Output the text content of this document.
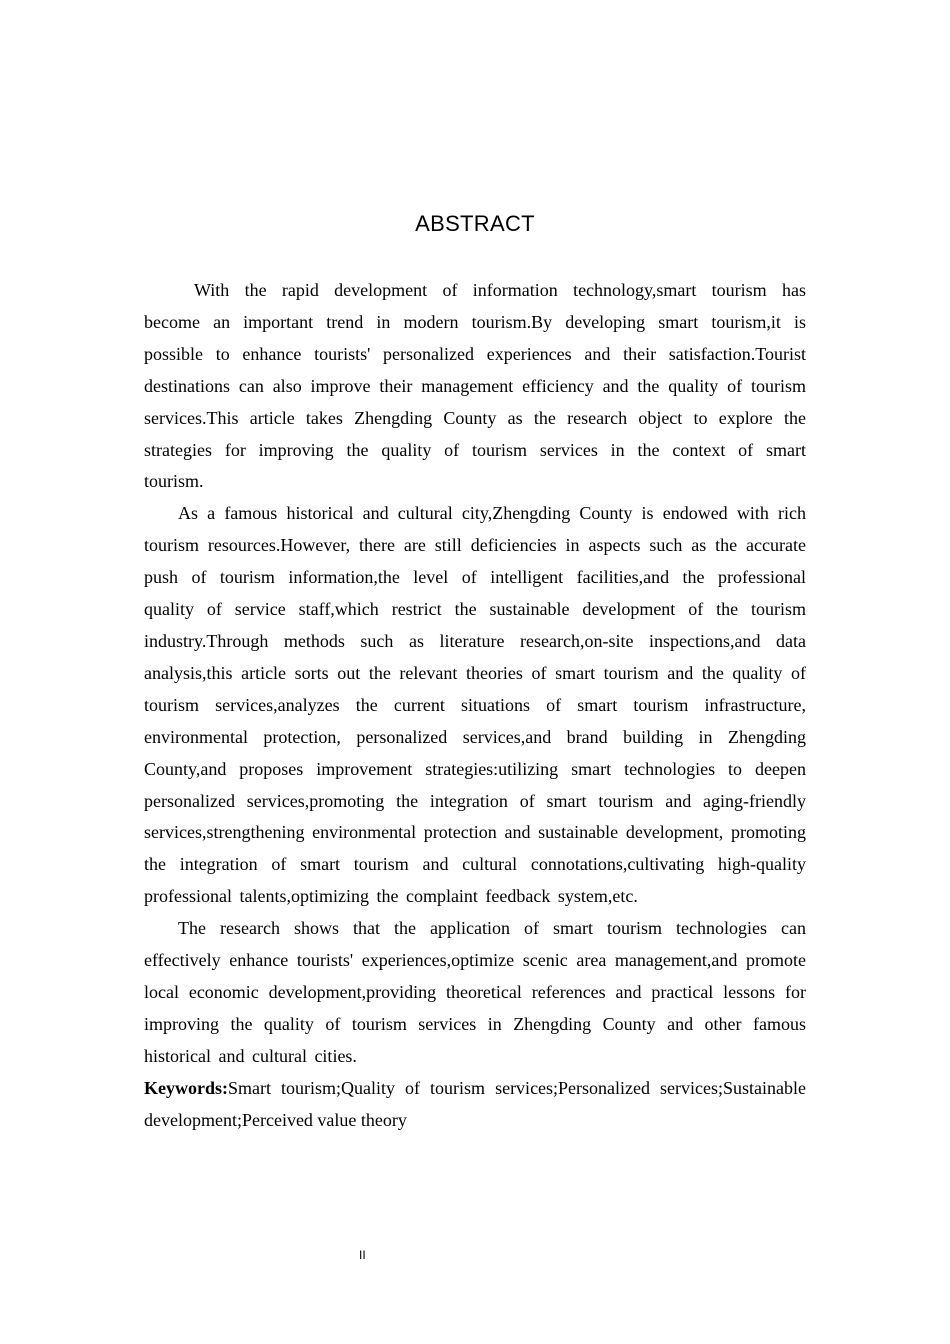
ABSTRACT

With the rapid development of information technology,smart tourism has become an important trend in modern tourism.By developing smart tourism,it is possible to enhance tourists' personalized experiences and their satisfaction.Tourist destinations can also improve their management efficiency and the quality of tourism services.This article takes Zhengding County as the research object to explore the strategies for improving the quality of tourism services in the context of smart tourism.

As a famous historical and cultural city,Zhengding County is endowed with rich tourism resources.However, there are still deficiencies in aspects such as the accurate push of tourism information,the level of intelligent facilities,and the professional quality of service staff,which restrict the sustainable development of the tourism industry.Through methods such as literature research,on-site inspections,and data analysis,this article sorts out the relevant theories of smart tourism and the quality of tourism services,analyzes the current situations of smart tourism infrastructure, environmental protection, personalized services,and brand building in Zhengding County,and proposes improvement strategies:utilizing smart technologies to deepen personalized services,promoting the integration of smart tourism and aging-friendly services,strengthening environmental protection and sustainable development, promoting the integration of smart tourism and cultural connotations,cultivating high-quality professional talents,optimizing the complaint feedback system,etc.

The research shows that the application of smart tourism technologies can effectively enhance tourists' experiences,optimize scenic area management,and promote local economic development,providing theoretical references and practical lessons for improving the quality of tourism services in Zhengding County and other famous historical and cultural cities.

Keywords:Smart tourism;Quality of tourism services;Personalized services;Sustainable development;Perceived value theory

II
